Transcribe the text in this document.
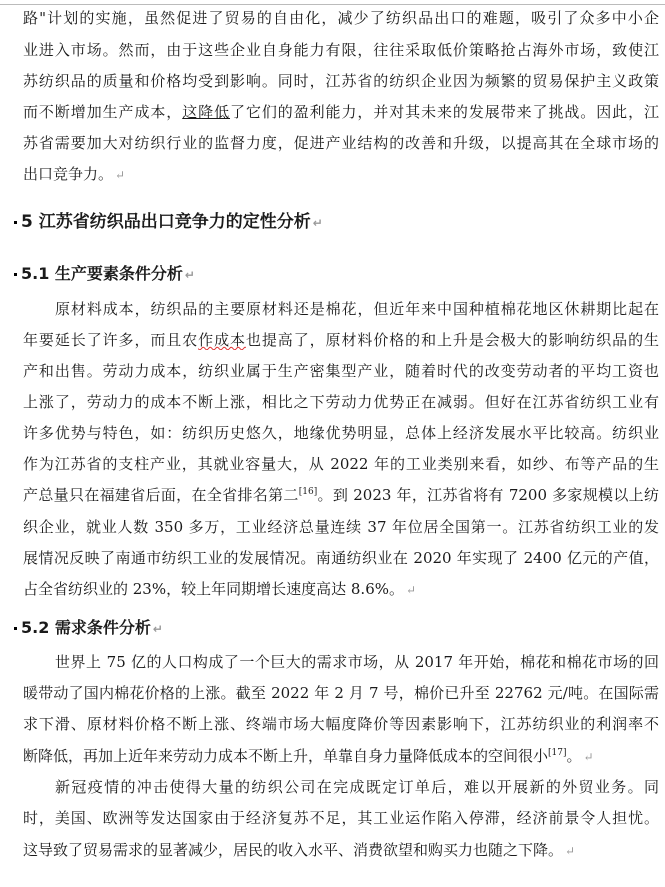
路"计划的实施，虽然促进了贸易的自由化，减少了纺织品出口的难题，吸引了众多中小企
业进入市场。然而，由于这些企业自身能力有限，往往采取低价策略抢占海外市场，致使江
苏纺织品的质量和价格均受到影响。同时，江苏省的纺织企业因为频繁的贸易保护主义政策
而不断增加生产成本，这降低了它们的盈利能力，并对其未来的发展带来了挑战。因此，江
苏省需要加大对纺织行业的监督力度，促进产业结构的改善和升级，以提高其在全球市场的
出口竞争力。 ↵
5 江苏省纺织品出口竞争力的定性分析 ↵
5.1 生产要素条件分析 ↵
原材料成本，纺织品的主要原材料还是棉花，但近年来中国种植棉花地区休耕期比起在
年要延长了许多，而且农作成本也提高了，原材料价格的和上升是会极大的影响纺织品的生
产和出售。劳动力成本，纺织业属于生产密集型产业，随着时代的改变劳动者的平均工资也
上涨了，劳动力的成本不断上涨，相比之下劳动力优势正在减弱。但好在江苏省纺织工业有
许多优势与特色，如：纺织历史悠久，地缘优势明显，总体上经济发展水平比较高。纺织业
作为江苏省的支柱产业，其就业容量大，从 2022 年的工业类别来看，如纱、布等产品的生
产总量只在福建省后面，在全省排名第二[16]。到 2023 年，江苏省将有 7200 多家规模以上纺
织企业，就业人数 350 多万，工业经济总量连续 37 年位居全国第一。江苏省纺织工业的发
展情况反映了南通市纺织工业的发展情况。南通纺织业在 2020 年实现了 2400 亿元的产值，
占全省纺织业的 23%，较上年同期增长速度高达 8.6%。 ↵
5.2 需求条件分析 ↵
世界上 75 亿的人口构成了一个巨大的需求市场，从 2017 年开始，棉花和棉花市场的回
暖带动了国内棉花价格的上涨。截至 2022 年 2 月 7 号，棉价已升至 22762 元/吨。在国际需
求下滑、原材料价格不断上涨、终端市场大幅度降价等因素影响下，江苏纺织业的利润率不
断降低，再加上近年来劳动力成本不断上升，单靠自身力量降低成本的空间很小[17]。 ↵
新冠疫情的冲击使得大量的纺织公司在完成既定订单后，难以开展新的外贸业务。同
时，美国、欧洲等发达国家由于经济复苏不足，其工业运作陷入停滞，经济前景令人担忧。
这导致了贸易需求的显著减少，居民的收入水平、消费欲望和购买力也随之下降。 ↵
